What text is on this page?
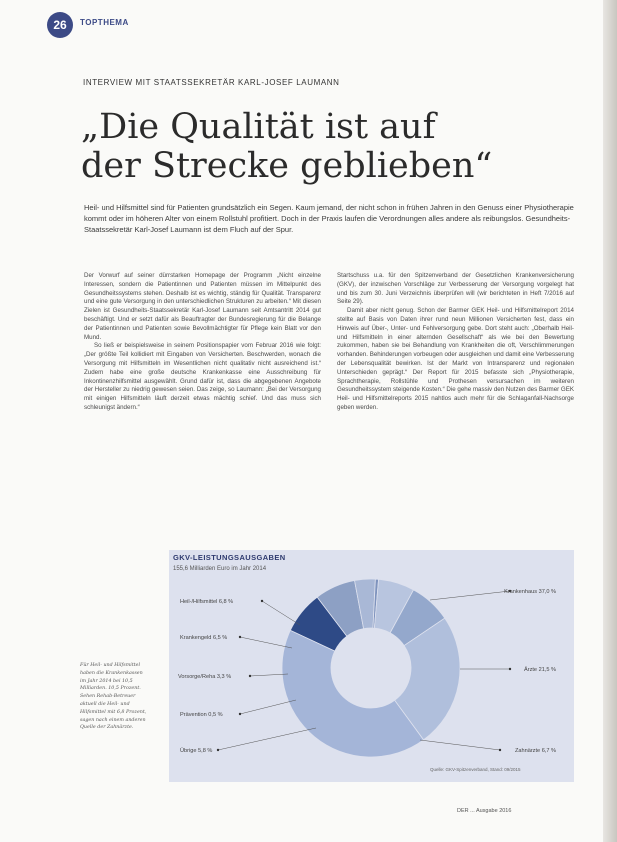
26	TOPTHEMA
INTERVIEW MIT STAATSSEKRETÄR KARL-JOSEF LAUMANN
„Die Qualität ist auf
der Strecke geblieben“
Heil- und Hilfsmittel sind für Patienten grundsätzlich ein Segen. Kaum jemand, der nicht schon in frühen Jahren in den Genuss einer Physiotherapie kommt oder im höheren Alter von einem Rollstuhl profitiert. Doch in der Praxis laufen die Verordnungen alles andere als reibungslos. Gesundheits-Staatssekretär Karl-Josef Laumann ist dem Fluch auf der Spur.

Der Vorwurf auf seiner dürrstarken Homepage der Programm „Nicht einzelne Interessen, sondern die Patientinnen und Patienten müssen im Mittelpunkt des Gesundheitssystems stehen. Deshalb ist es wichtig, ständig für Qualität. Transparenz und eine gute Versorgung in den unterschiedlichen Strukturen zu arbeiten.“ Mit diesen Zielen ist Gesundheits-Staatssekretär Karl-Josef Laumann seit Amtsantritt 2014 gut beschäftigt. Und er setzt dafür als Beauftragter der Bundesregierung für die Belange der Patientinnen und Patienten sowie Bevollmächtigter für Pflege kein Blatt vor den Mund.

So ließ er beispielsweise in seinem Positionspapier vom Februar 2016 wie folgt: „Der größte Teil kollidiert mit Eingaben von Versicherten. Beschwerden, wonach die Versorgung mit Hilfsmitteln im Wesentlichen nicht qualitativ nicht ausreichend ist.“ Zudem habe eine große deutsche Krankenkasse eine Ausschreibung für Inkontinenzhilfsmittel ausgewählt. Grund dafür ist, dass die abgegebenen Angebote der Hersteller zu niedrig gewesen seien. Das zeige, so Laumann: „Bei der Versorgung mit einigen Hilfsmitteln läuft derzeit etwas mächtig schief. Und das muss sich schleunigst ändern.“

Startschuss u.a. für den Spitzenverband der Gesetzlichen Krankenversicherung (GKV), der inzwischen Vorschläge zur Verbesserung der Versorgung vorgelegt hat und bis zum 30. Juni Verzeichnis überprüfen will (wir berichteten in Heft 7/2016 auf Seite 29).

Damit aber nicht genug. Schon der Barmer GEK Heil- und Hilfsmittelreport 2014 stellte auf Basis von Daten ihrer rund neun Millionen Versicherten fest, dass ein Hinweis auf Über-, Unter- und Fehlversorgung gebe. Dort steht auch: „Oberhalb Heil- und Hilfsmitteln in einer alternden Gesellschaft“ als wie bei den Bewertung zukommen, haben sie bei Behandlung von Krankheiten die oft, Verschlimmerungen vorhanden. Behinderungen vorbeugen oder ausgleichen und damit eine Verbesserung der Lebensqualität bewirken. Ist der Markt von Intransparenz und regionalen Unterschieden geprägt.“ Der Report für 2015 befasste sich „Physiotherapie, Sprachtherapie, Rollstühle und Prothesen versursachen im weiteren Gesundheitssystem steigende Kosten.“ Die gehe massiv den Nutzen des Barmer GEK Heil- und Hilfsmittelreports 2015 nahtlos auch mehr für die Schlaganfall-Nachsorge geben werden.

GKV-LEISTUNGSAUSGABEN
155,6 Milliarden Euro im Jahr 2014
Heil-/Hilfsmittel 6,8 %
Krankengeld 6,5 %
Vorsorge/Reha 3,3 %
Prävention 0,5 %
Übrige 5,8 %
Krankenhaus 37,0 %
Ärzte 21,5 %
Zahnärzte 6,7 %
Quelle: GKV-Spitzenverband, Stand: 09/2015
Für Heil- und Hilfsmittel haben die Krankenkassen im Jahr 2014 bei 10,5 Milliarden. 10,5 Prozent. Sehen Rehab-Betreuer aktuell die Heil- und Hilfsmittel mit 6,8 Prozent, sagen nach einem anderen Quelle der Zahnärzte.
DER ... Ausgabe 2016
